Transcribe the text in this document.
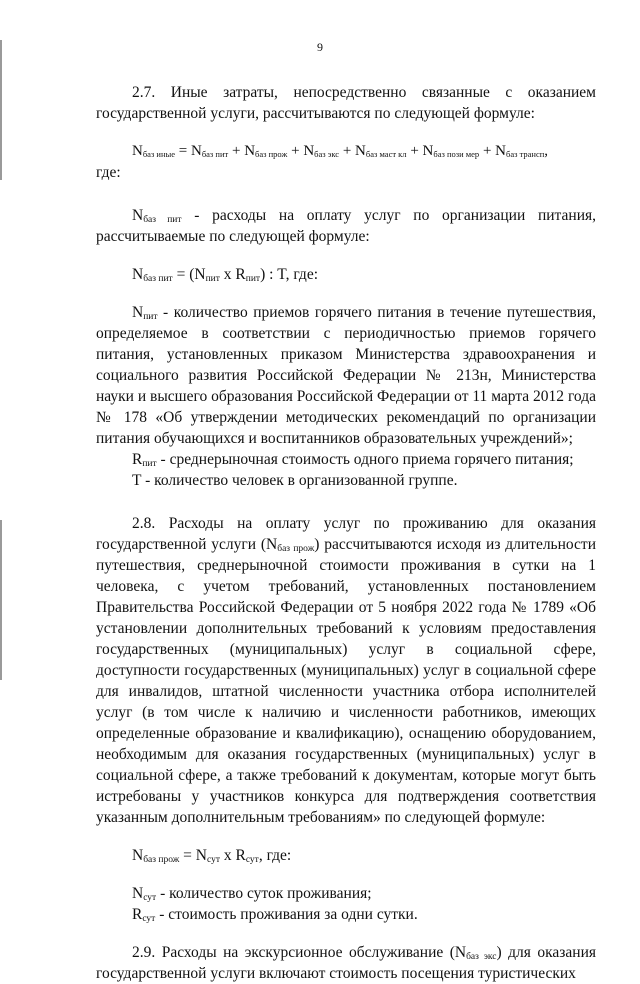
9

2.7. Иные затраты, непосредственно связанные с оказанием государственной услуги, рассчитываются по следующей формуле:

$N_{баз иные} = N_{баз пит} + N_{баз прож} + N_{баз экс} + N_{баз маст кл} + N_{баз пози мер} + N_{баз трансп}$,

где:

$N_{баз пит}$ - расходы на оплату услуг по организации питания, рассчитываемые по следующей формуле:

$N_{баз пит} = (N_{пит}$ x $R_{пит}$) : T, где:

$N_{пит}$ - количество приемов горячего питания в течение путешествия, определяемое в соответствии с периодичностью приемов горячего питания, установленных приказом Министерства здравоохранения и социального развития Российской Федерации № 213н, Министерства науки и высшего образования Российской Федерации от 11 марта 2012 года № 178 «Об утверждении методических рекомендаций по организации питания обучающихся и воспитанников образовательных учреждений»;

$R_{пит}$ - среднерыночная стоимость одного приема горячего питания;

T - количество человек в организованной группе.

2.8. Расходы на оплату услуг по проживанию для оказания государственной услуги $(N_{баз прож})$ рассчитываются исходя из длительности путешествия, среднерыночной стоимости проживания в сутки на 1 человека, с учетом требований, установленных постановлением Правительства Российской Федерации от 5 ноября 2022 года № 1789 «Об установлении дополнительных требований к условиям предоставления государственных (муниципальных) услуг в социальной сфере, доступности государственных (муниципальных) услуг в социальной сфере для инвалидов, штатной численности участника отбора исполнителей услуг (в том числе к наличию и численности работников, имеющих определенные образование и квалификацию), оснащению оборудованием, необходимым для оказания государственных (муниципальных) услуг в социальной сфере, а также требований к документам, которые могут быть истребованы у участников конкурса для подтверждения соответствия указанным дополнительным требованиям» по следующей формуле:

$N_{баз прож} = N_{сут}$ x $R_{сут}$, где:

$N_{сут}$ - количество суток проживания;

$R_{сут}$ - стоимость проживания за одни сутки.

2.9. Расходы на экскурсионное обслуживание $(N_{баз экс})$ для оказания государственной услуги включают стоимость посещения туристических
